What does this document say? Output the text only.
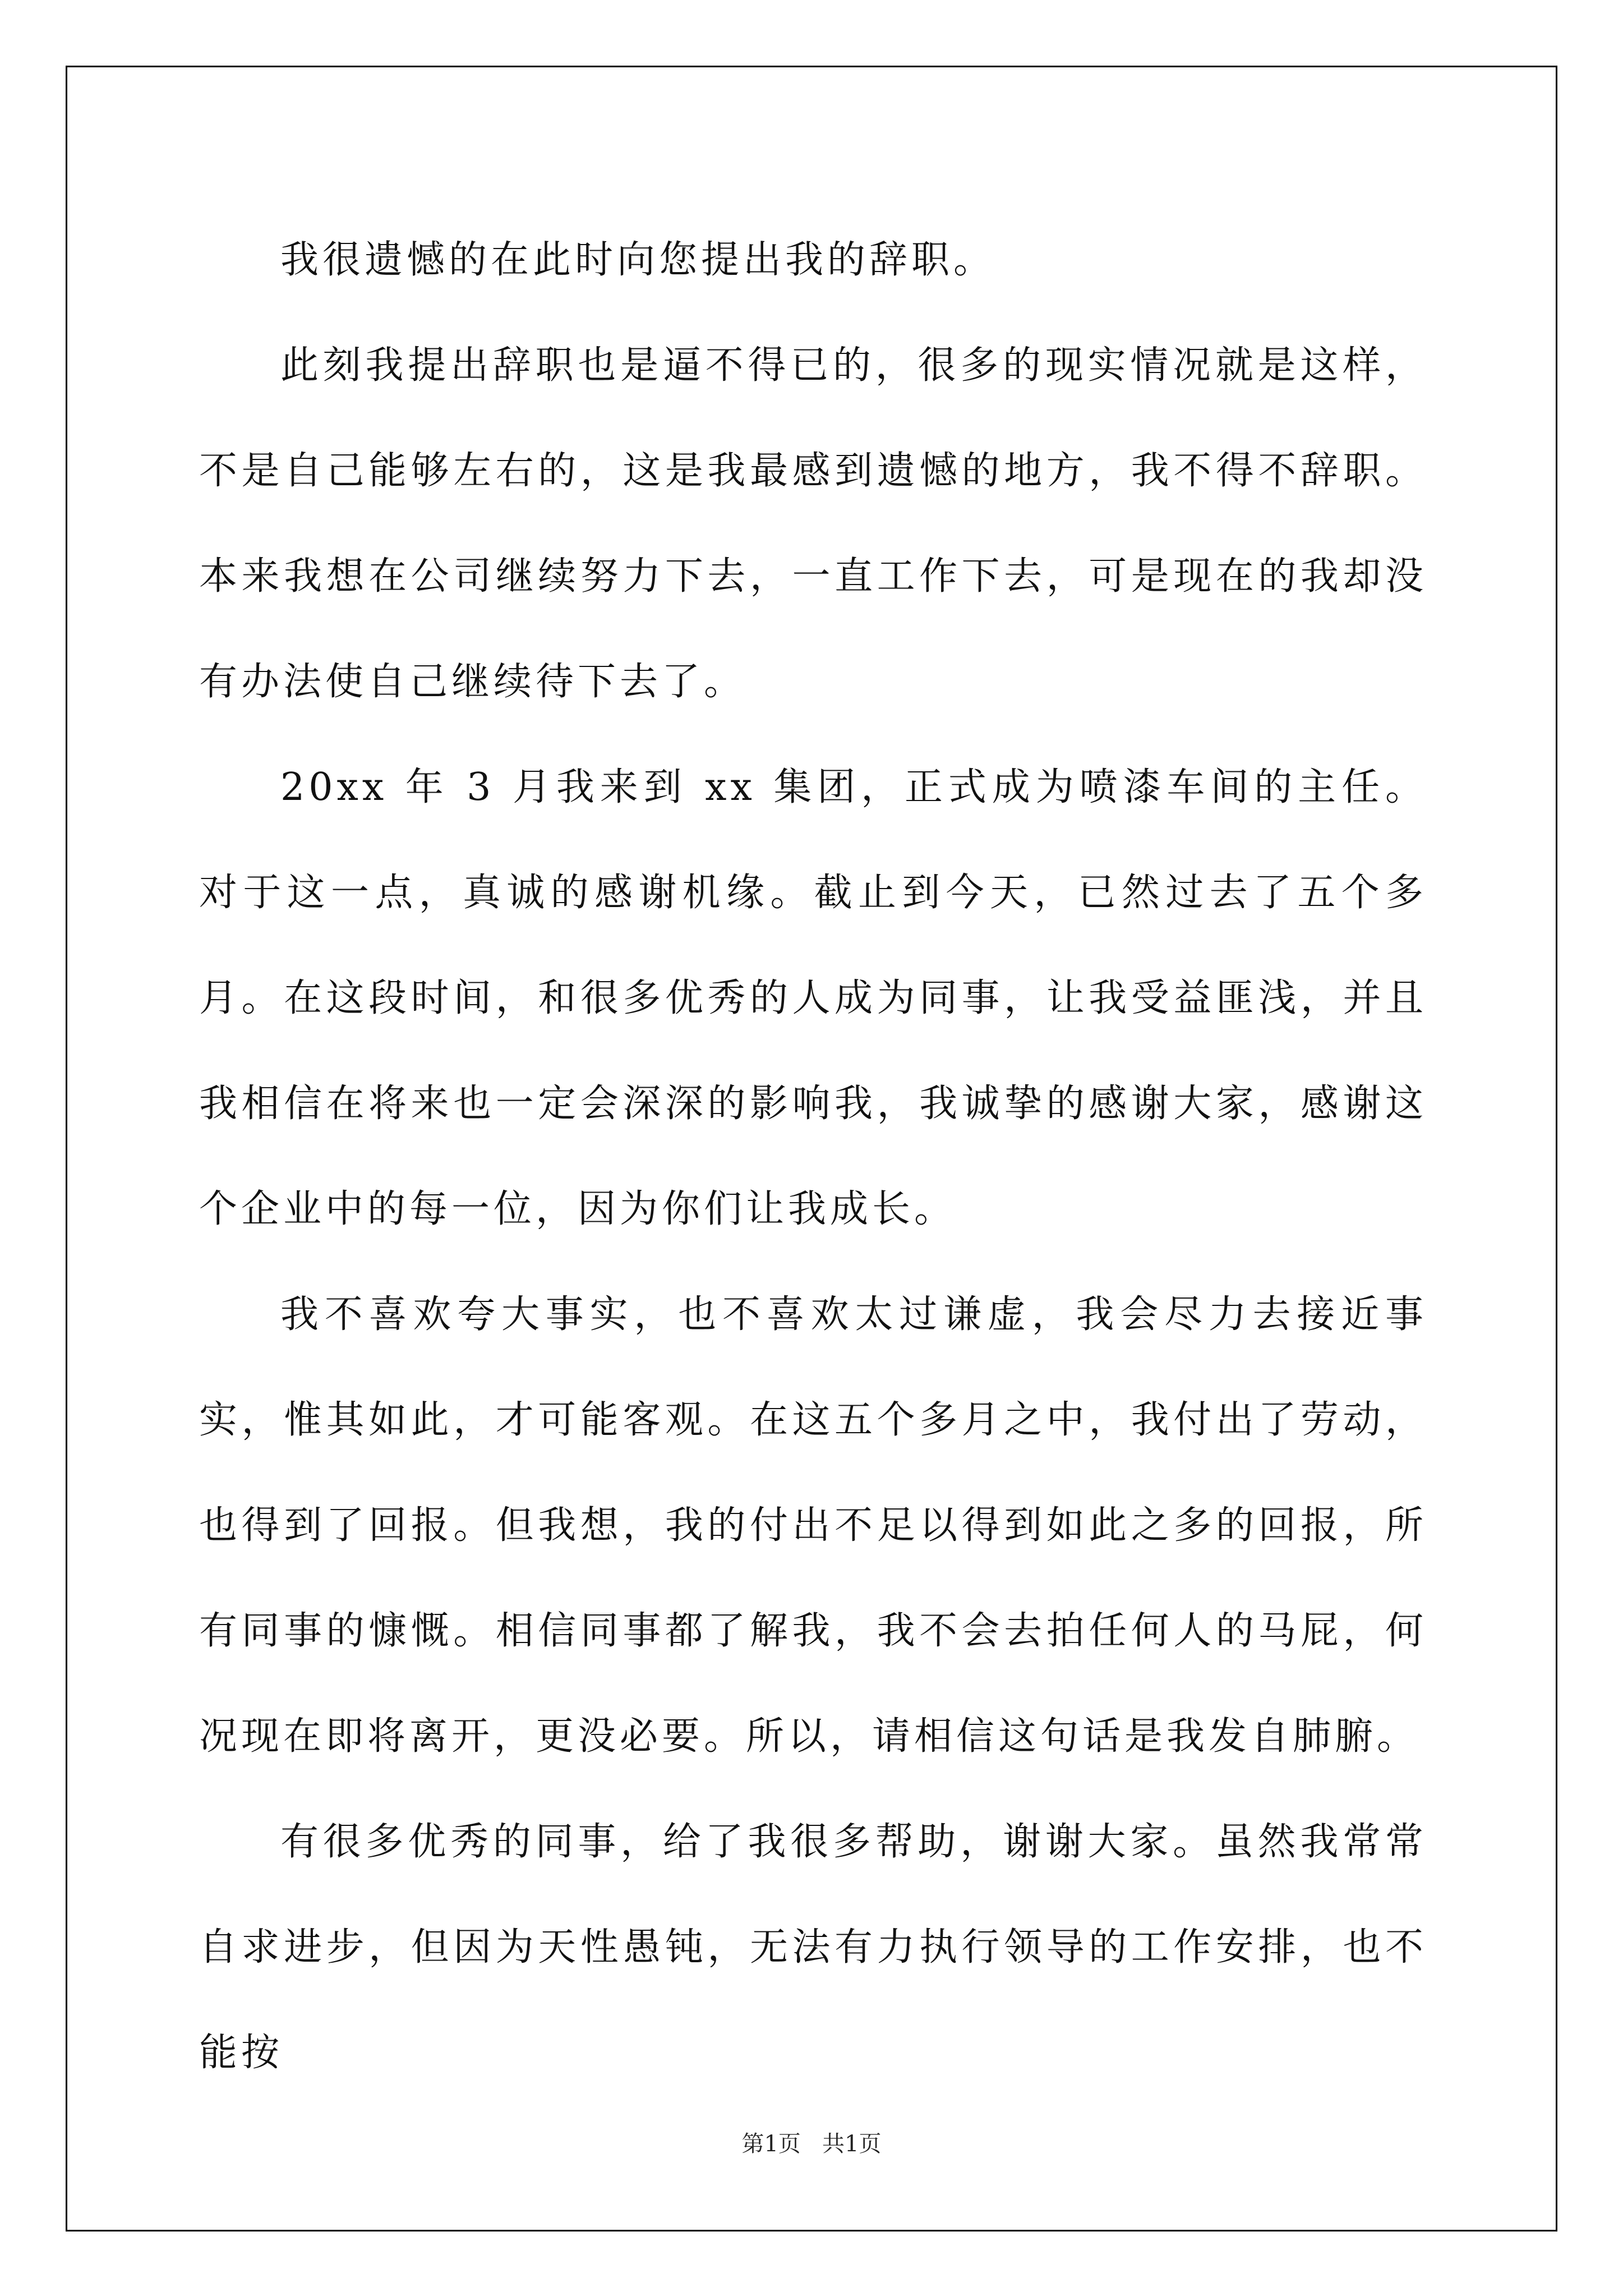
我很遗憾的在此时向您提出我的辞职。

此刻我提出辞职也是逼不得已的，很多的现实情况就是这样，不是自己能够左右的，这是我最感到遗憾的地方，我不得不辞职。本来我想在公司继续努力下去，一直工作下去，可是现在的我却没有办法使自己继续待下去了。

20xx 年 3 月我来到 xx 集团，正式成为喷漆车间的主任。对于这一点，真诚的感谢机缘。截止到今天，已然过去了五个多月。在这段时间，和很多优秀的人成为同事，让我受益匪浅，并且我相信在将来也一定会深深的影响我，我诚挚的感谢大家，感谢这个企业中的每一位，因为你们让我成长。

我不喜欢夸大事实，也不喜欢太过谦虚，我会尽力去接近事实，惟其如此，才可能客观。在这五个多月之中，我付出了劳动，也得到了回报。但我想，我的付出不足以得到如此之多的回报，所有同事的慷慨。相信同事都了解我，我不会去拍任何人的马屁，何况现在即将离开，更没必要。所以，请相信这句话是我发自肺腑。

有很多优秀的同事，给了我很多帮助，谢谢大家。虽然我常常自求进步，但因为天性愚钝，无法有力执行领导的工作安排，也不能按

第1页   共1页
